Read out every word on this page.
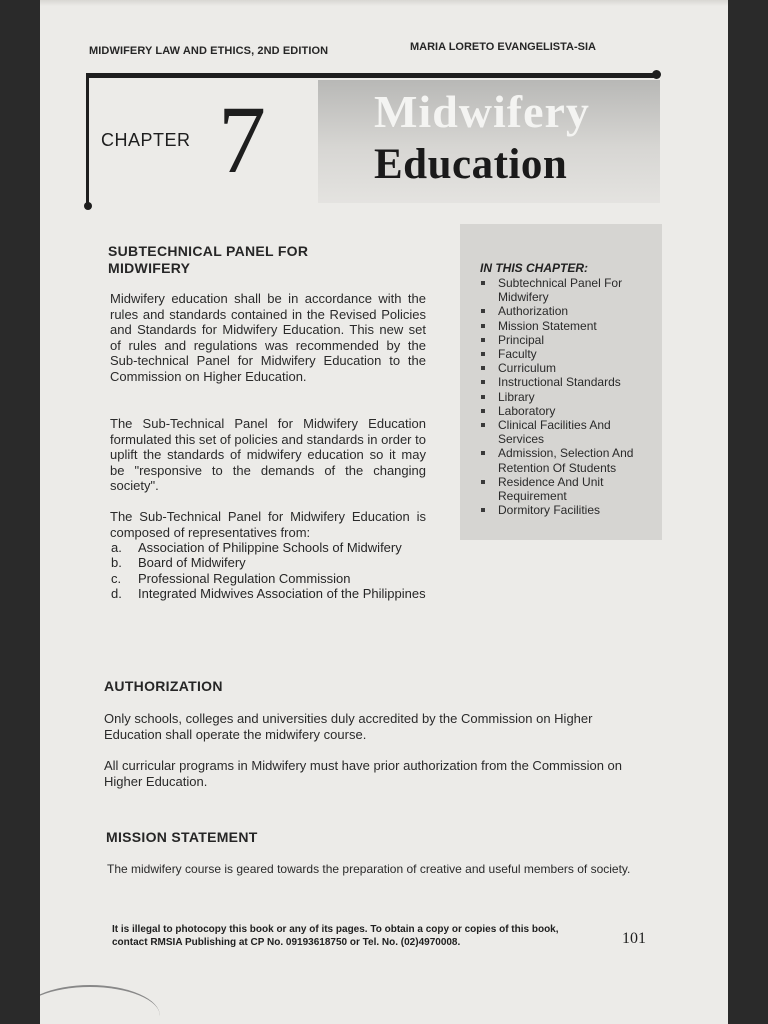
MIDWIFERY LAW AND ETHICS, 2ND EDITION	MARIA LORETO EVANGELISTA-SIA
CHAPTER 7 Midwifery
Education
IN THIS CHAPTER:
Subtechnical Panel For Midwifery
Authorization
Mission Statement
Principal
Faculty
Curriculum
Instructional Standards
Library
Laboratory
Clinical Facilities And Services
Admission, Selection And Retention Of Students
Residence And Unit Requirement
Dormitory Facilities
SUBTECHNICAL PANEL FOR MIDWIFERY

Midwifery education shall be in accordance with the rules and standards contained in the Revised Policies and Standards for Midwifery Education. This new set of rules and regulations was recommended by the Sub-technical Panel for Midwifery Education to the Commission on Higher Education.

The Sub-Technical Panel for Midwifery Education formulated this set of policies and standards in order to uplift the standards of midwifery education so it may be "responsive to the demands of the changing society".

The Sub-Technical Panel for Midwifery Education is composed of representatives from:

a. Association of Philippine Schools of Midwifery
b. Board of Midwifery
c. Professional Regulation Commission
d. Integrated Midwives Association of the Philippines
AUTHORIZATION

Only schools, colleges and universities duly accredited by the Commission on Higher Education shall operate the midwifery course.

All curricular programs in Midwifery must have prior authorization from the Commission on Higher Education.

MISSION STATEMENT

The midwifery course is geared towards the preparation of creative and useful members of society.

It is illegal to photocopy this book or any of its pages. To obtain a copy or copies of this book, contact RMSIA Publishing at CP No. 09193618750 or Tel. No. (02)4970008.	101
